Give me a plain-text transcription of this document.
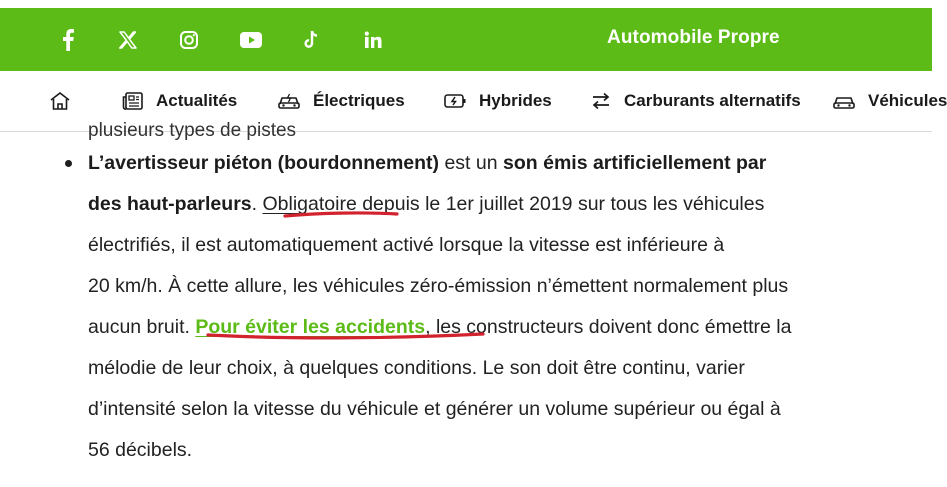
Automobile Propre
Actualités	Électriques	Hybrides	Carburants alternatifs	Véhicules
plusieurs types de pistes
L’avertisseur piéton (bourdonnement) est un son émis artificiellement par
des haut-parleurs. Obligatoire depuis le 1er juillet 2019 sur tous les véhicules
électrifiés, il est automatiquement activé lorsque la vitesse est inférieure à
20 km/h. À cette allure, les véhicules zéro-émission n’émettent normalement plus
aucun bruit. Pour éviter les accidents, les constructeurs doivent donc émettre la
mélodie de leur choix, à quelques conditions. Le son doit être continu, varier
d’intensité selon la vitesse du véhicule et générer un volume supérieur ou égal à
56 décibels.
